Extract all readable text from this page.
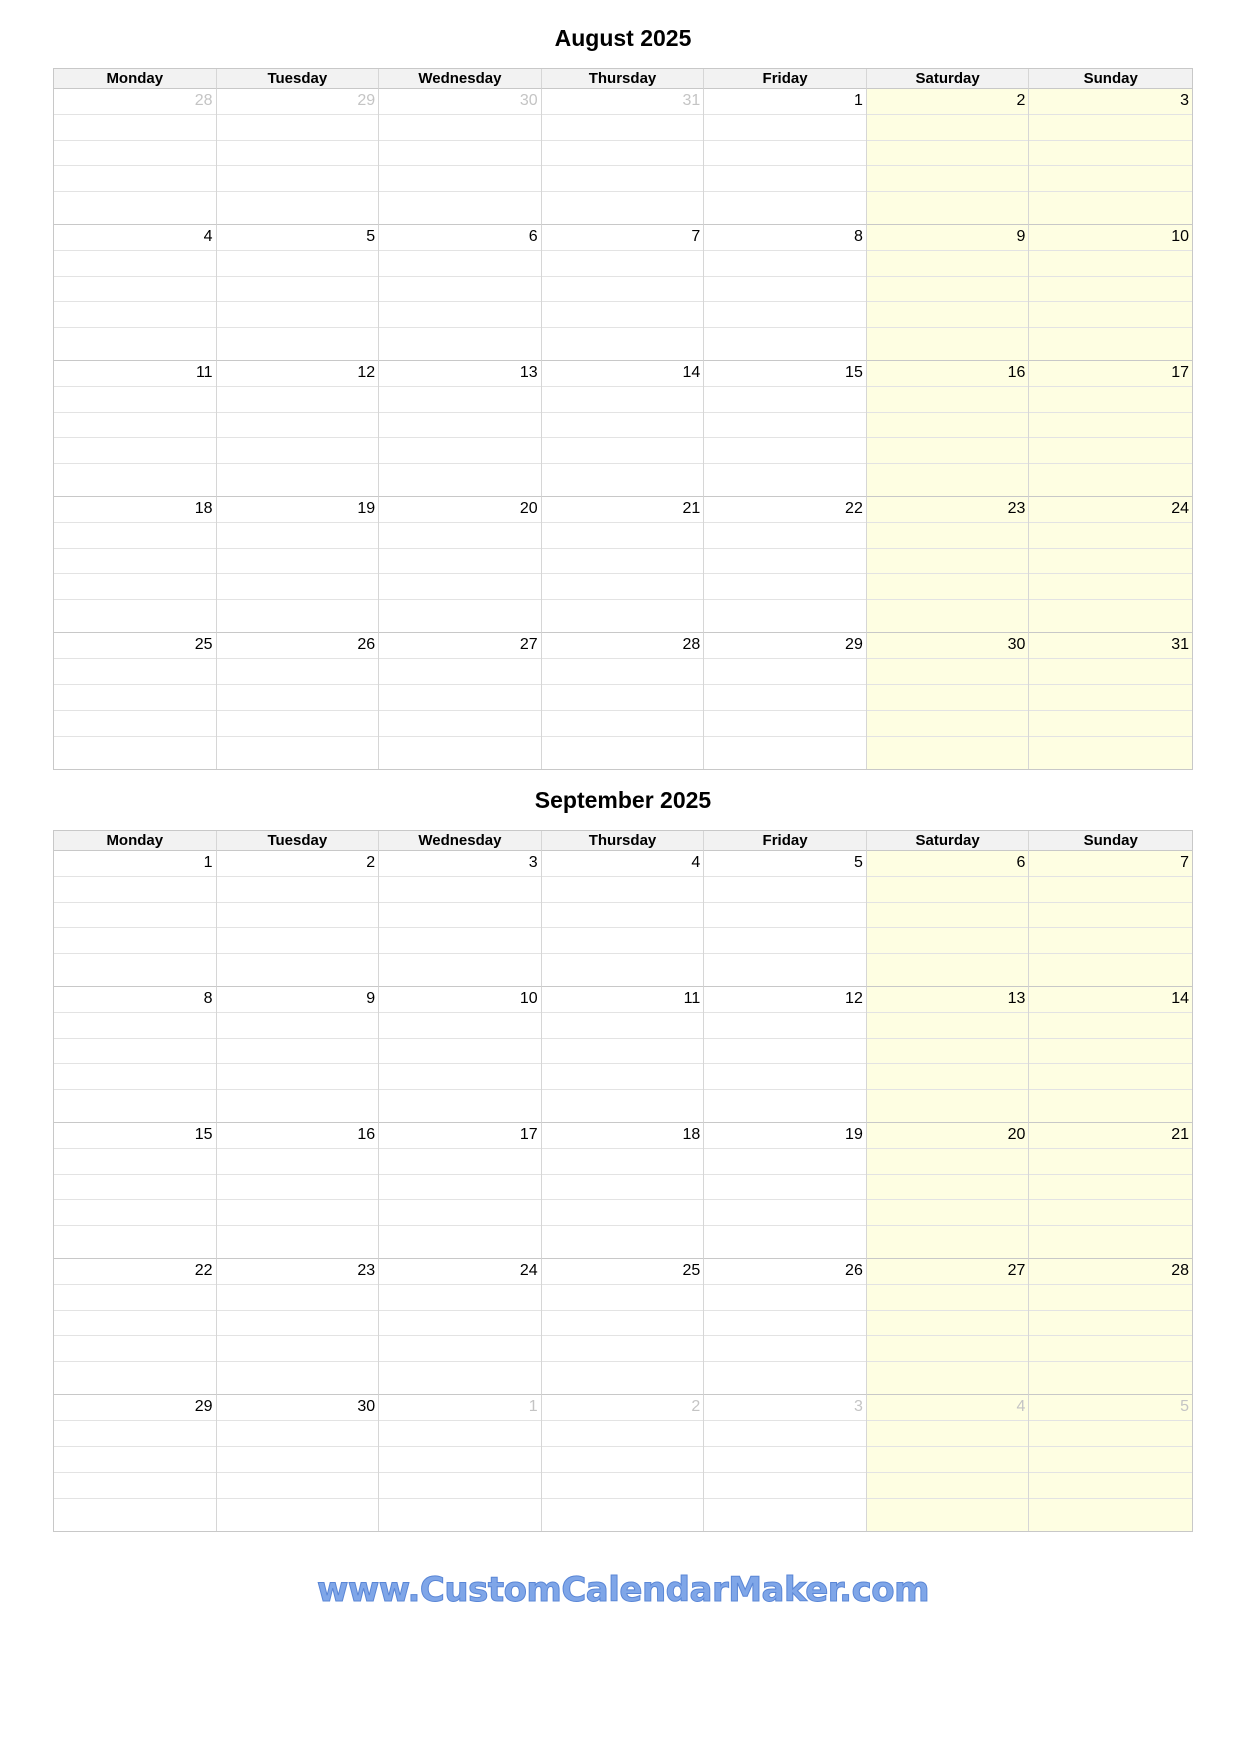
August 2025
Monday	Tuesday	Wednesday	Thursday	Friday	Saturday	Sunday
28	29	30	31	1	2	3
4	5	6	7	8	9	10
11	12	13	14	15	16	17
18	19	20	21	22	23	24
25	26	27	28	29	30	31
September 2025
Monday	Tuesday	Wednesday	Thursday	Friday	Saturday	Sunday
1	2	3	4	5	6	7
8	9	10	11	12	13	14
15	16	17	18	19	20	21
22	23	24	25	26	27	28
29	30	1	2	3	4	5
www.CustomCalendarMaker.com
